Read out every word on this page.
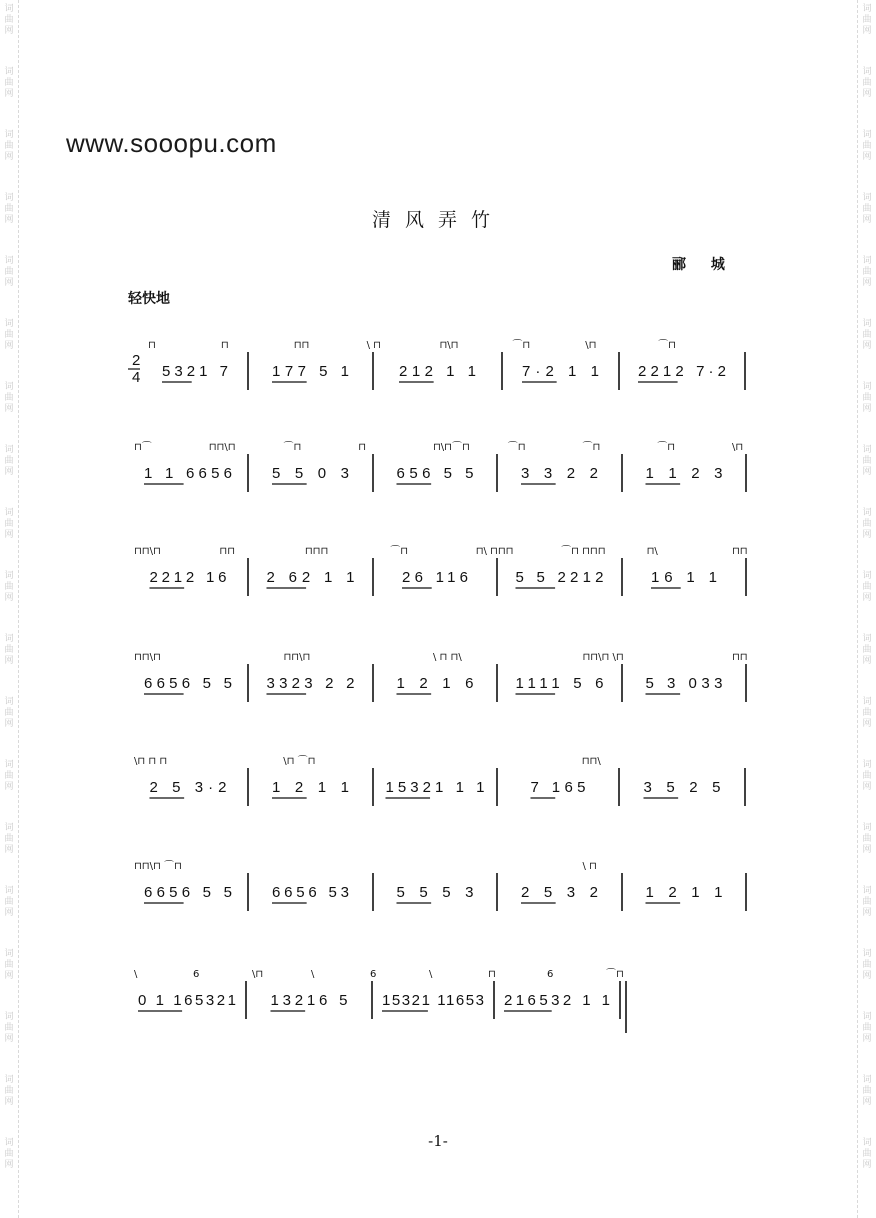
词曲网
词曲网
词曲网
词曲网
词曲网
词曲网
词曲网
词曲网
词曲网
词曲网
词曲网
词曲网
词曲网
词曲网
词曲网
词曲网
词曲网
词曲网
词曲网
词曲网
词曲网
词曲网
词曲网
词曲网
词曲网
词曲网
词曲网
词曲网
词曲网
词曲网
词曲网
词曲网
词曲网
词曲网
词曲网
词曲网
词曲网
词曲网
www.sooopu.com
清风弄竹
郦 城
轻快地
-1-
2
4
⊓	⊓	⊓⊓	\ ⊓	⊓\⊓	⌒⊓	\⊓	⌒⊓
5321 7	177 5 1	212 1 1	7·2 1 1	2212 7·2
⊓⌒	⊓⊓\⊓	⌒⊓	⊓	⊓\⊓⌒⊓	⌒⊓	⌒⊓	⌒⊓	\⊓
1 1 6656	5 5 0 3	656 5 5	3 3 2 2	1 1 2 3
⊓⊓\⊓	⊓⊓	⊓⊓⊓	⌒⊓	⊓\ ⊓⊓⊓	⌒⊓ ⊓⊓⊓	⊓\	⊓⊓
2212 16	2 62 1 1	26 116	5 5 2212	16 1 1
⊓⊓\⊓	⊓⊓\⊓	\ ⊓ ⊓\	⊓⊓\⊓ \⊓	⊓⊓
6656 5 5 3323 2 2	1 2 1 6	1111 5 6	5 3 033
\⊓ ⊓ ⊓	\⊓ ⌒⊓	⊓⊓\
2 5 3·2	1 2 1 1 15321 1 1	7 165	3 5 2 5
⊓⊓\⊓ ⌒⊓	\ ⊓
6656 5 5	6656 53	5 5 5 3	2 5 3 2	1 2 1 1
\	6	\⊓	\	6	\	⊓	6	⌒⊓
0 1 165321 13216 5 15321 11653 216532 1 1
